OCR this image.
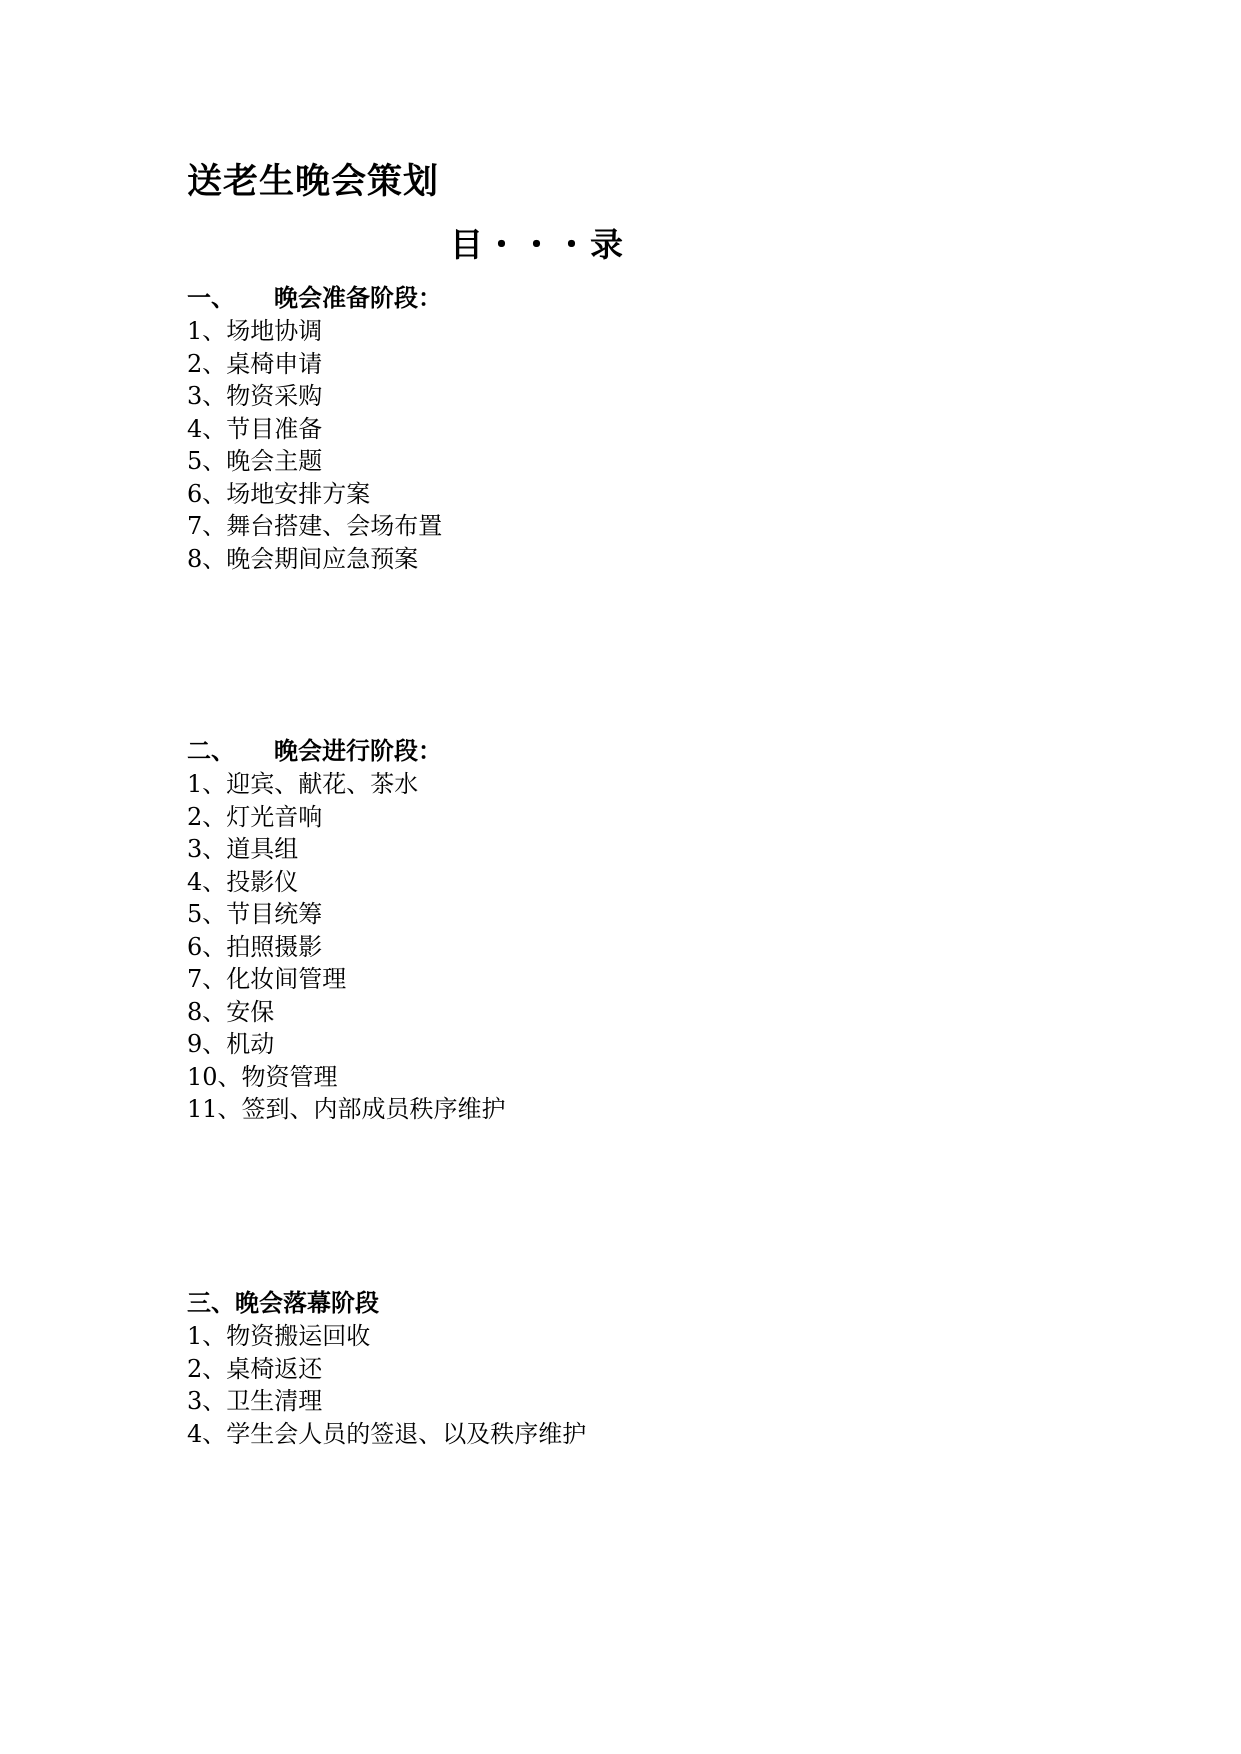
送老生晚会策划
目・・・录
一、 晚会准备阶段：
1、场地协调
2、桌椅申请
3、物资采购
4、节目准备
5、晚会主题
6、场地安排方案
7、舞台搭建、会场布置
8、晚会期间应急预案
二、 晚会进行阶段：
1、迎宾、献花、茶水
2、灯光音响
3、道具组
4、投影仪
5、节目统筹
6、拍照摄影
7、化妆间管理
8、安保
9、机动
10、物资管理
11、签到、内部成员秩序维护
三、晚会落幕阶段
1、物资搬运回收
2、桌椅返还
3、卫生清理
4、学生会人员的签退、以及秩序维护
